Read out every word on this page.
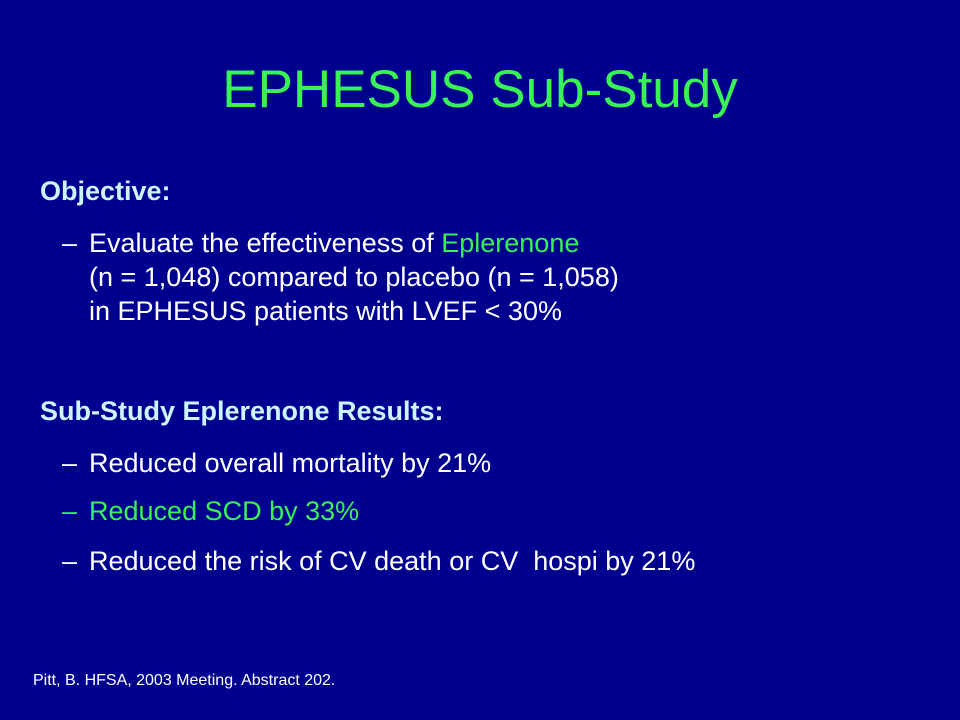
EPHESUS Sub-Study
Objective:
– Evaluate the effectiveness of Eplerenone
(n = 1,048) compared to placebo (n = 1,058)
in EPHESUS patients with LVEF < 30%
Sub-Study Eplerenone Results:
– Reduced overall mortality by 21%
– Reduced SCD by 33%
– Reduced the risk of CV death or CV  hospi by 21%
Pitt, B. HFSA, 2003 Meeting. Abstract 202.
